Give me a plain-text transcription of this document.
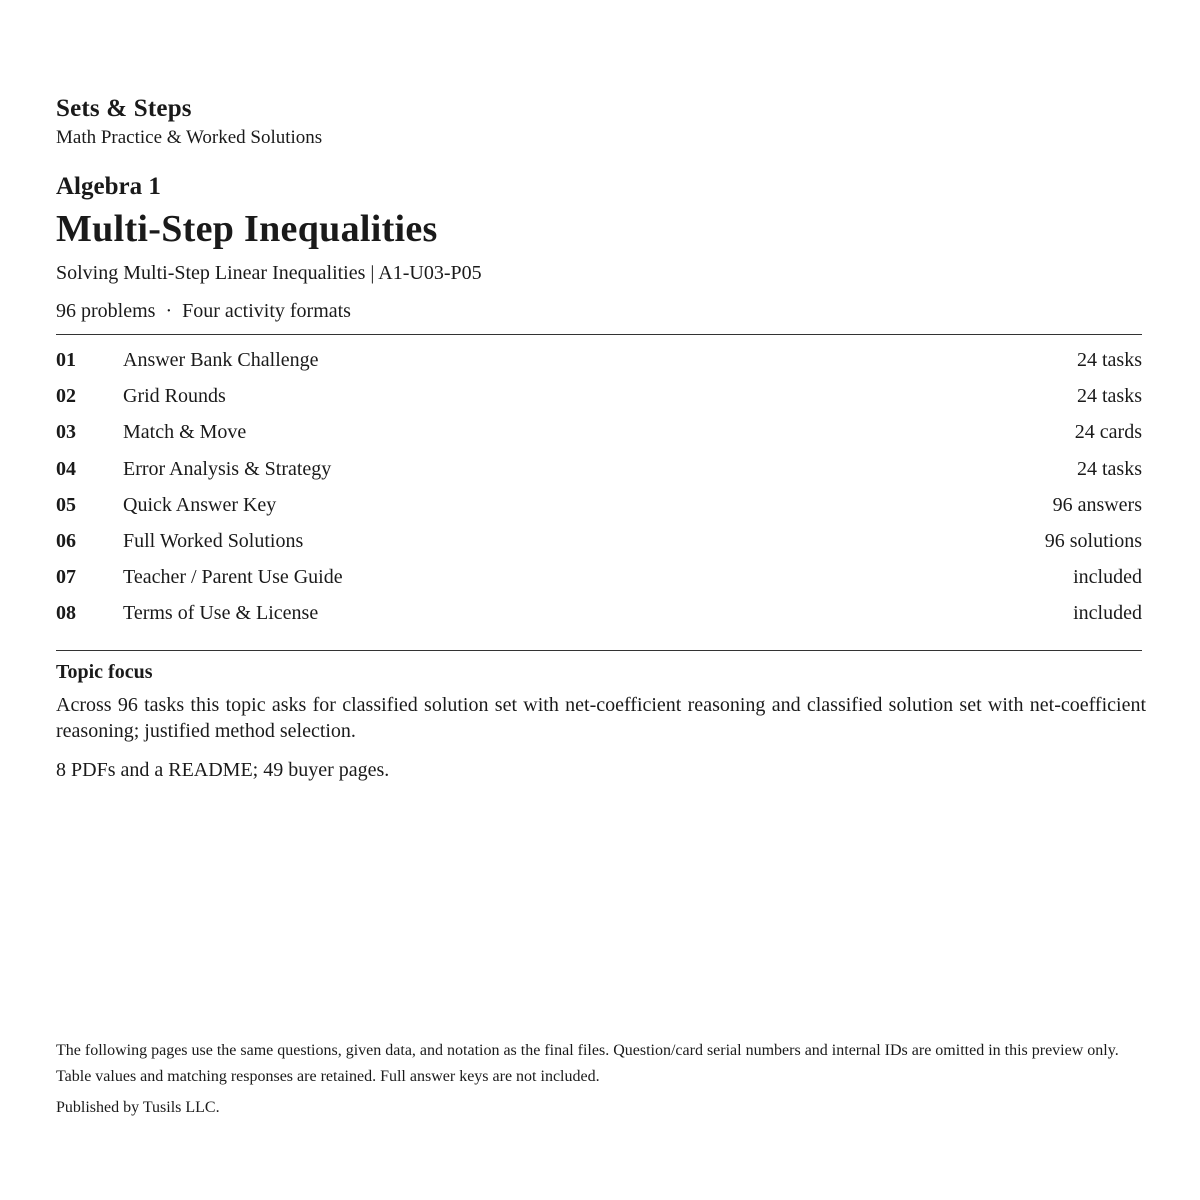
Sets & Steps
Math Practice & Worked Solutions
Algebra 1
Multi-Step Inequalities
Solving Multi-Step Linear Inequalities | A1-U03-P05
96 problems · Four activity formats
01 Answer Bank Challenge	24 tasks
02 Grid Rounds	24 tasks
03 Match & Move	24 cards
04 Error Analysis & Strategy	24 tasks
05 Quick Answer Key	96 answers
06 Full Worked Solutions	96 solutions
07 Teacher / Parent Use Guide	included
08 Terms of Use & License	included
Topic focus
Across 96 tasks this topic asks for classified solution set with net-coefficient reasoning and classified solution set with net-coefficient reasoning; justified method selection.
8 PDFs and a README; 49 buyer pages.
The following pages use the same questions, given data, and notation as the final files. Question/card serial numbers and internal IDs are omitted in this preview only. Table values and matching responses are retained. Full answer keys are not included.
Published by Tusils LLC.
